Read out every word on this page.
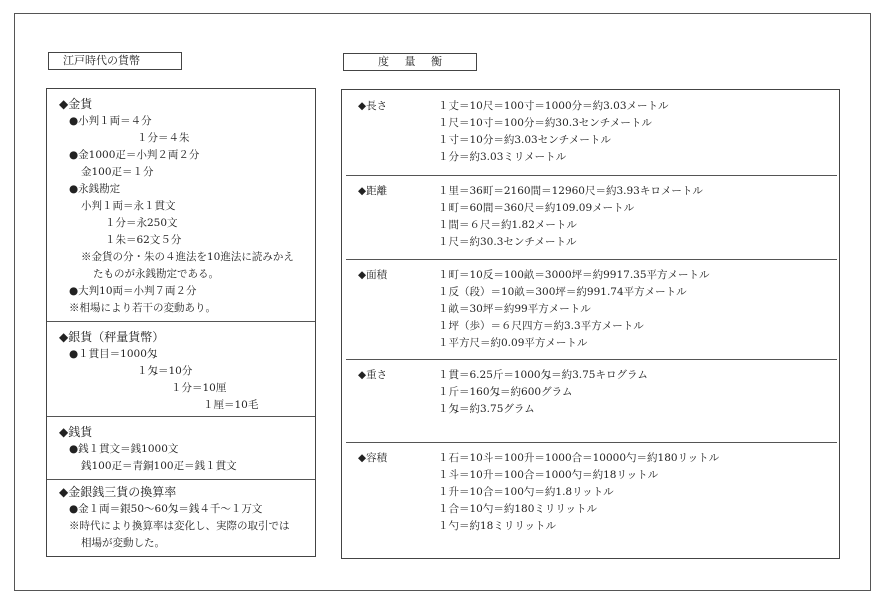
江戸時代の貨幣	度 量 衡
◆金貨
●小判１両＝４分
１分＝４朱
●金1000疋＝小判２両２分
金100疋＝１分
●永銭勘定
小判１両＝永１貫文
１分＝永250文
１朱＝62文５分
※金貨の分・朱の４進法を10進法に読みかえ
たものが永銭勘定である。
●大判10両＝小判７両２分
※相場により若干の変動あり。
◆銀貨（秤量貨幣）
●１貫目＝1000匁
１匁＝10分
１分＝10厘
１厘＝10毛
◆銭貨
●銭１貫文＝銭1000文
銭100疋＝青銅100疋＝銭１貫文
◆金銀銭三貨の換算率
●金１両＝銀50～60匁＝銭４千～１万文
※時代により換算率は変化し、実際の取引では
相場が変動した。
◆長さ	１丈＝10尺＝100寸＝1000分＝約3.03メートル
１尺＝10寸＝100分＝約30.3センチメートル
１寸＝10分＝約3.03センチメートル
１分＝約3.03ミリメートル
◆距離	１里＝36町＝2160間＝12960尺＝約3.93キロメートル
１町＝60間＝360尺＝約109.09メートル
１間＝６尺＝約1.82メートル
１尺＝約30.3センチメートル
◆面積	１町＝10反＝100畝＝3000坪＝約9917.35平方メートル
１反（段）＝10畝＝300坪＝約991.74平方メートル
１畝＝30坪＝約99平方メートル
１坪（歩）＝６尺四方＝約3.3平方メートル
１平方尺＝約0.09平方メートル
◆重さ	１貫＝6.25斤＝1000匁＝約3.75キログラム
１斤＝160匁＝約600グラム
１匁＝約3.75グラム
◆容積	１石＝10斗＝100升＝1000合＝10000勺＝約180リットル
１斗＝10升＝100合＝1000勺＝約18リットル
１升＝10合＝100勺＝約1.8リットル
１合＝10勺＝約180ミリリットル
１勺＝約18ミリリットル
